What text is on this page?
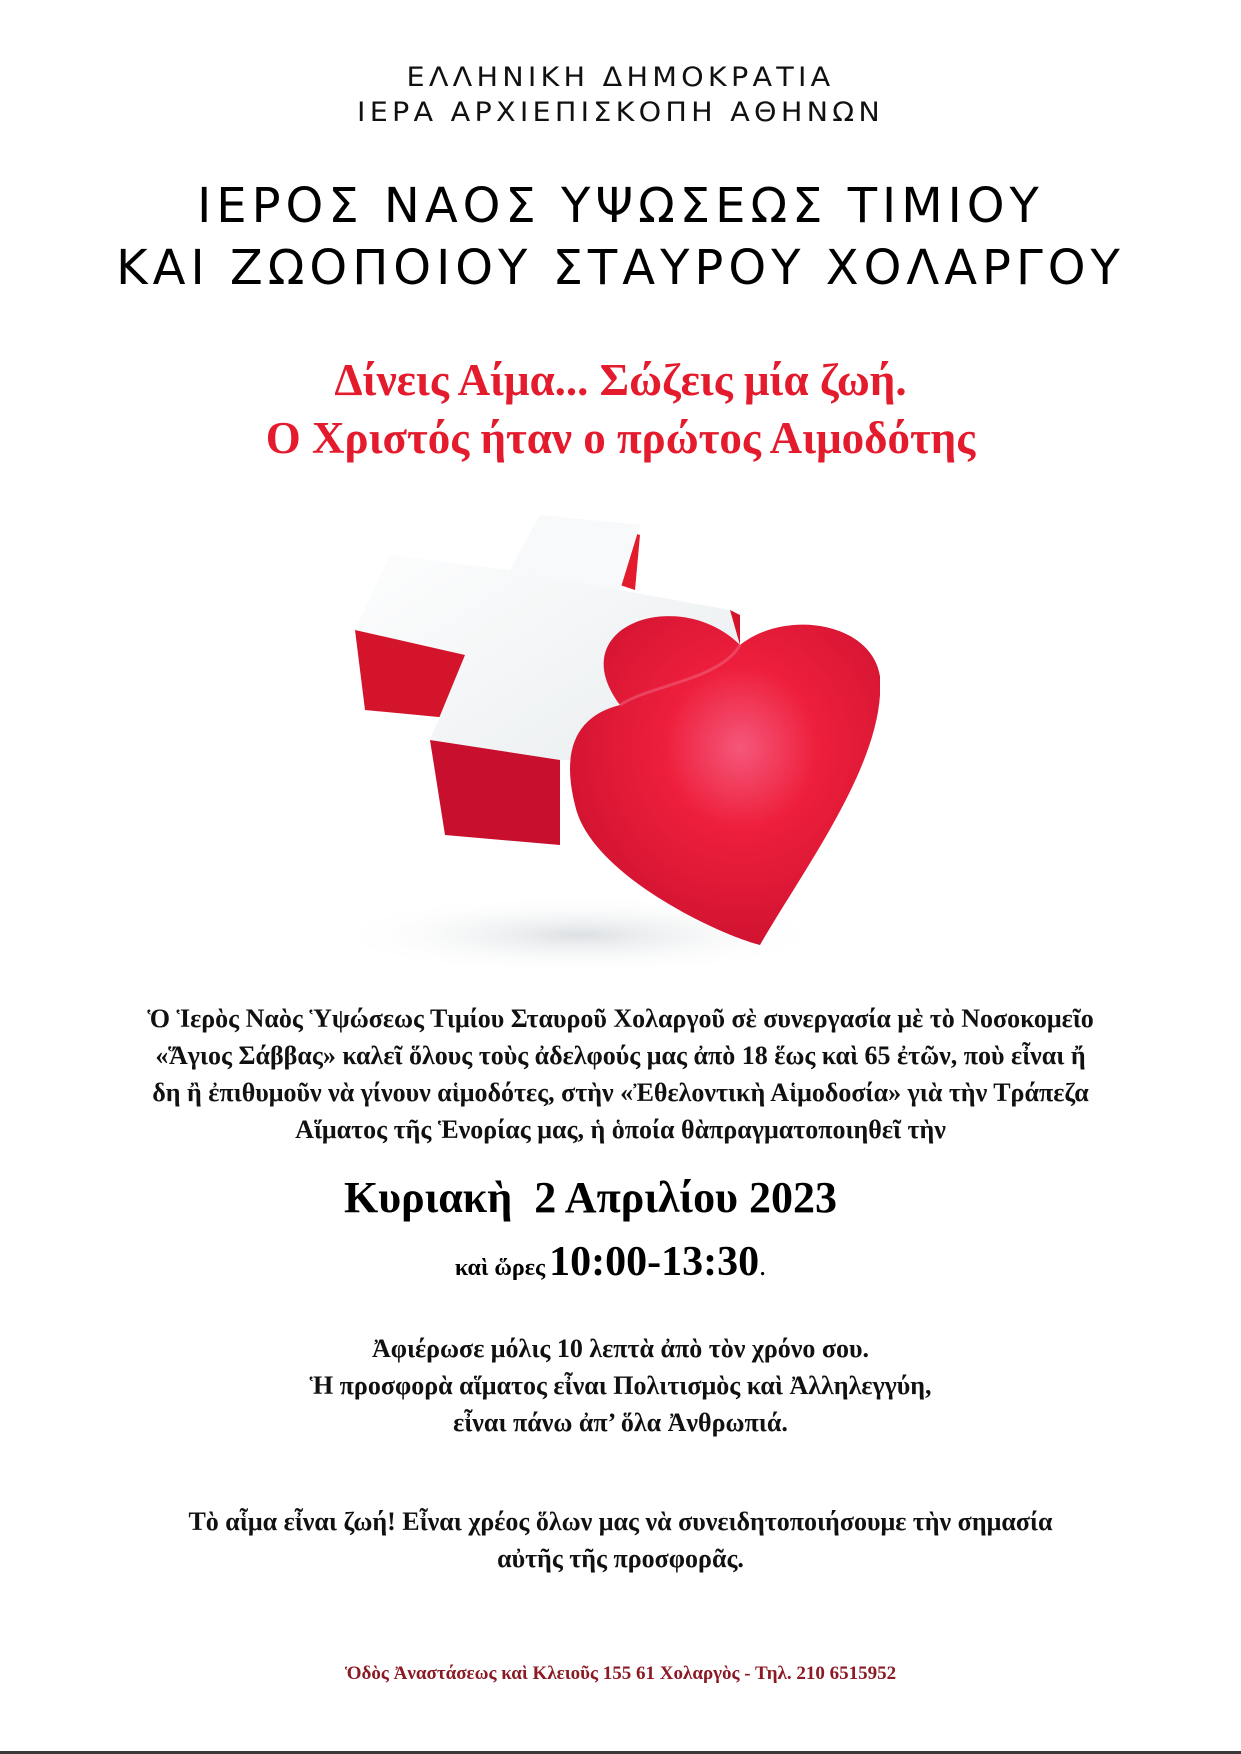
ΕΛΛΗΝΙΚΗ ΔΗΜΟΚΡΑΤΙΑ
ΙΕΡΑ ΑΡΧΙΕΠΙΣΚΟΠΗ ΑΘΗΝΩΝ
ΙΕΡΟΣ ΝΑΟΣ ΥΨΩΣΕΩΣ ΤΙΜΙΟΥ
ΚΑΙ ΖΩΟΠΟΙΟΥ ΣΤΑΥΡΟΥ ΧΟΛΑΡΓΟΥ
Δίνεις Αίμα... Σώζεις μία ζωή.
Ο Χριστός ήταν ο πρώτος Αιμοδότης
Ὁ Ἱερὸς Ναὸς Ὑψώσεως Τιμίου Σταυροῦ Χολαργοῦ σὲ συνεργασία μὲ τὸ Νοσοκομεῖο
«Ἅγιος Σάββας» καλεῖ ὅλους τοὺς ἀδελφούς μας ἀπὸ 18 ἕως καὶ 65 ἐτῶν, ποὺ εἶναι ἤ
δη ἢ ἐπιθυμοῦν νὰ γίνουν αἱμοδότες, στὴν «Ἐθελοντικὴ Αἱμοδοσία» γιὰ τὴν Τράπεζα
Αἵματος τῆς Ἑνορίας μας, ἡ ὁποία θὰπραγματοποιηθεῖ τὴν
Κυριακὴ 2 Απριλίου 2023
καὶ ὥρες 10:00-13:30.
Ἀφιέρωσε μόλις 10 λεπτὰ ἀπὸ τὸν χρόνο σου.
Ἡ προσφορὰ αἵματος εἶναι Πολιτισμὸς καὶ Ἀλληλεγγύη,
εἶναι πάνω ἀπ’ ὅλα Ἀνθρωπιά.
Τὸ αἷμα εἶναι ζωή! Εἶναι χρέος ὅλων μας νὰ συνειδητοποιήσουμε τὴν σημασία
αὐτῆς τῆς προσφορᾶς.
Ὁδὸς Ἀναστάσεως καὶ Κλειοῦς 155 61 Χολαργὸς - Τηλ. 210 6515952
